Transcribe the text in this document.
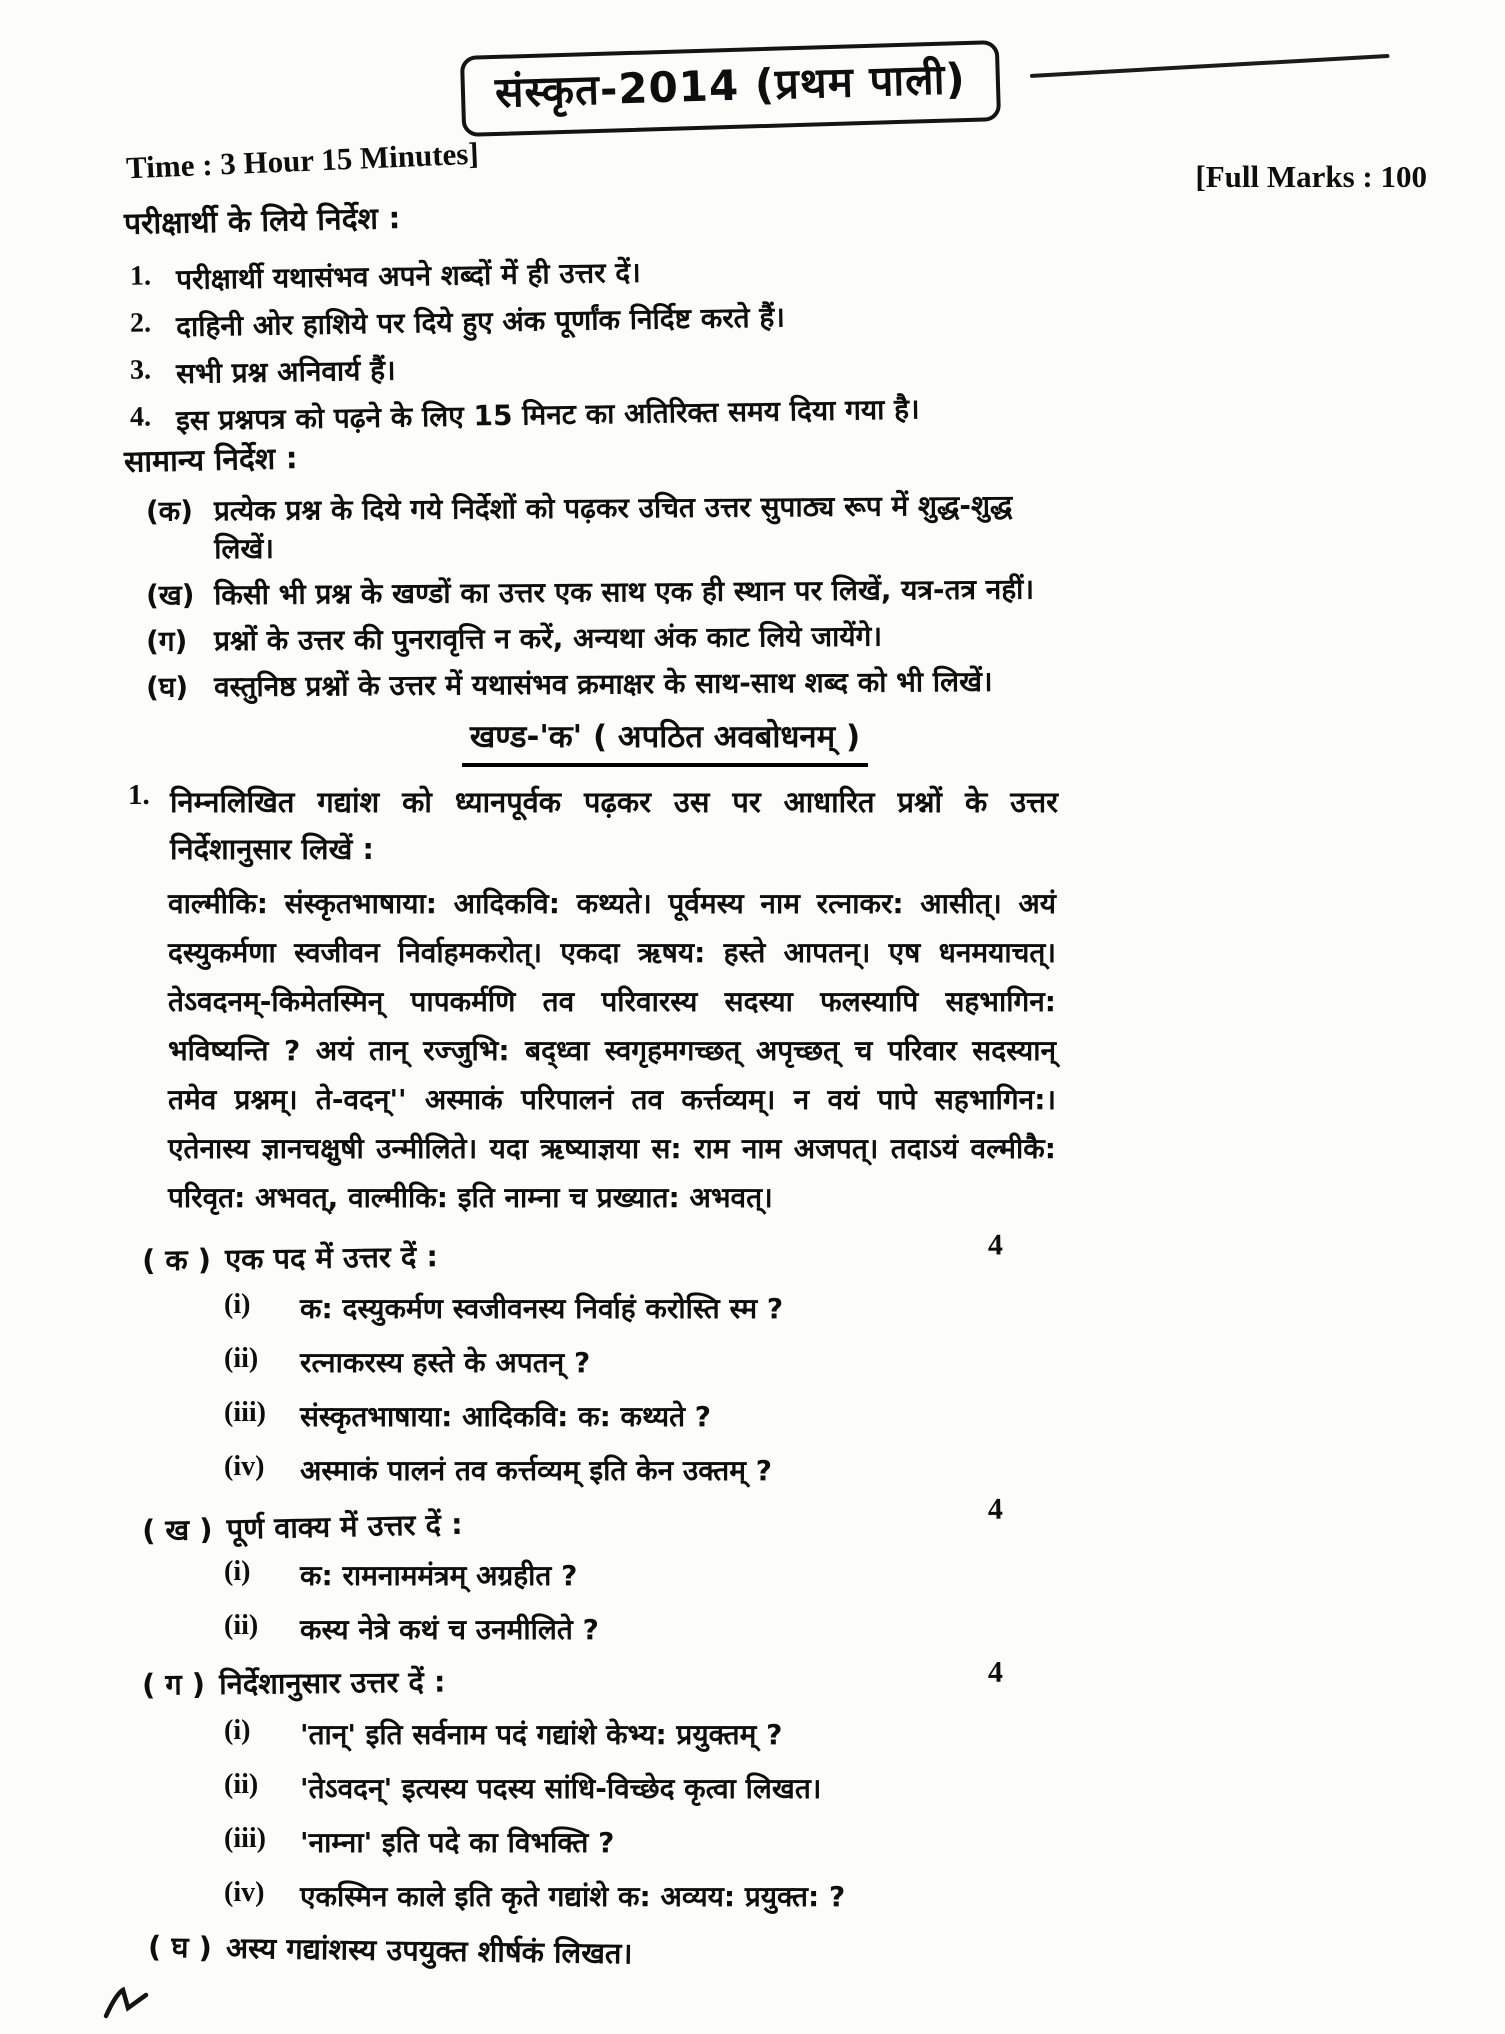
संस्कृत-2014 (प्रथम पाली)
Time : 3 Hour 15 Minutes]	[Full Marks : 100
परीक्षार्थी के लिये निर्देश :
1. परीक्षार्थी यथासंभव अपने शब्दों में ही उत्तर दें।
2. दाहिनी ओर हाशिये पर दिये हुए अंक पूर्णांक निर्दिष्ट करते हैं।
3. सभी प्रश्न अनिवार्य हैं।
4. इस प्रश्नपत्र को पढ़ने के लिए 15 मिनट का अतिरिक्त समय दिया गया है।
सामान्य निर्देश :
(क) प्रत्येक प्रश्न के दिये गये निर्देशों को पढ़कर उचित उत्तर सुपाठ्य रूप में शुद्ध-शुद्ध लिखें।
(ख) किसी भी प्रश्न के खण्डों का उत्तर एक साथ एक ही स्थान पर लिखें, यत्र-तत्र नहीं।
(ग) प्रश्नों के उत्तर की पुनरावृत्ति न करें, अन्यथा अंक काट लिये जायेंगे।
(घ) वस्तुनिष्ठ प्रश्नों के उत्तर में यथासंभव क्रमाक्षर के साथ-साथ शब्द को भी लिखें।
खण्ड-'क' ( अपठित अवबोधनम् )
1. निम्नलिखित गद्यांश को ध्यानपूर्वक पढ़कर उस पर आधारित प्रश्नों के उत्तर निर्देशानुसार लिखें :
वाल्मीकि: संस्कृतभाषाया: आदिकवि: कथ्यते। पूर्वमस्य नाम रत्नाकर: आसीत्। अयं दस्युकर्मणा स्वजीवन निर्वाहमकरोत्। एकदा ऋषय: हस्ते आपतन्। एष धनमयाचत्। तेऽवदनम्-किमेतस्मिन् पापकर्मणि तव परिवारस्य सदस्या फलस्यापि सहभागिन: भविष्यन्ति ? अयं तान् रज्जुभि: बद्ध्वा स्वगृहमगच्छत् अपृच्छत् च परिवार सदस्यान् तमेव प्रश्नम्। ते-वदन्'' अस्माकं परिपालनं तव कर्त्तव्यम्। न वयं पापे सहभागिन:। एतेनास्य ज्ञानचक्षुषी उन्मीलिते। यदा ऋष्याज्ञया स: राम नाम अजपत्। तदाऽयं वल्मीकै: परिवृत: अभवत्, वाल्मीकि: इति नाम्ना च प्रख्यात: अभवत्।
( क ) एक पद में उत्तर दें :	4
(i)	क: दस्युकर्मण स्वजीवनस्य निर्वाहं करोस्ति स्म ?
(ii)	रत्नाकरस्य हस्ते के अपतन् ?
(iii)	संस्कृतभाषाया: आदिकवि: क: कथ्यते ?
(iv)	अस्माकं पालनं तव कर्त्तव्यम् इति केन उक्तम् ?
( ख ) पूर्ण वाक्य में उत्तर दें :	4
(i)	क: रामनाममंत्रम् अग्रहीत ?
(ii)	कस्य नेत्रे कथं च उनमीलिते ?
( ग ) निर्देशानुसार उत्तर दें :	4
(i)	'तान्' इति सर्वनाम पदं गद्यांशे केभ्य: प्रयुक्तम् ?
(ii)	'तेऽवदन्' इत्यस्य पदस्य सांधि-विच्छेद कृत्वा लिखत।
(iii)	'नाम्ना' इति पदे का विभक्ति ?
(iv)	एकस्मिन काले इति कृते गद्यांशे क: अव्यय: प्रयुक्त: ?
( घ ) अस्य गद्यांशस्य उपयुक्त शीर्षकं लिखत।
